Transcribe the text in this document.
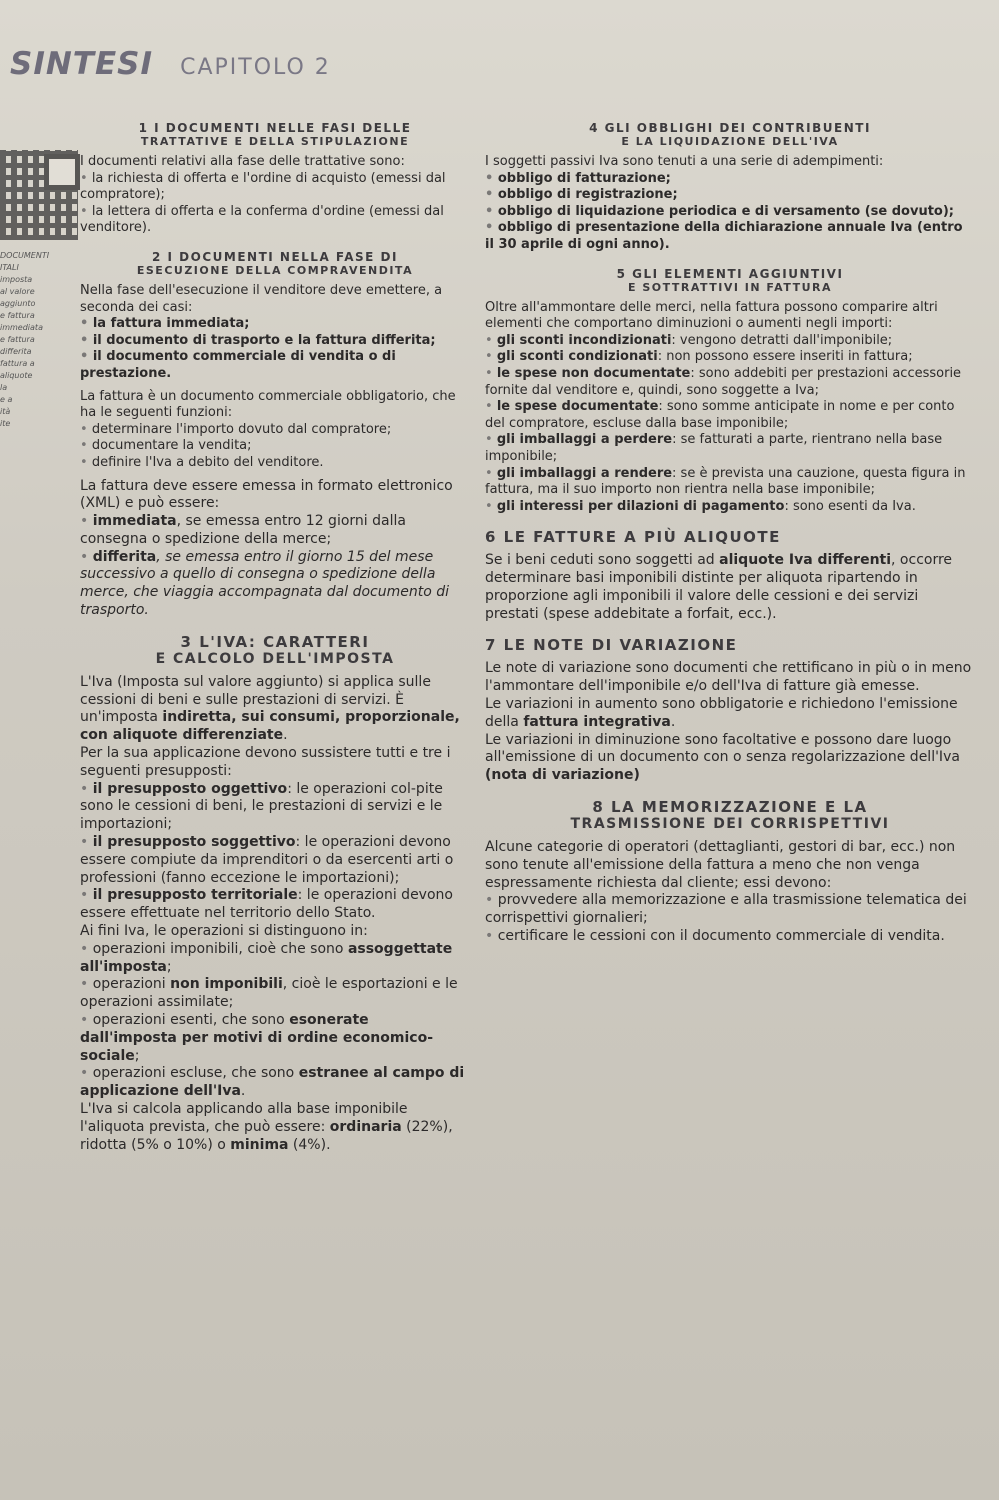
SINTESI CAPITOLO 2
DOCUMENTI
ITALI
imposta
al valore
aggiunto
e fattura
immediata
e fattura
differita
fattura a
aliquote
la
e a
ità
ite
1 I DOCUMENTI NELLE FASI DELLE
TRATTATIVE E DELLA STIPULAZIONE

I documenti relativi alla fase delle trattative sono:

• la richiesta di offerta e l'ordine di acquisto (emessi dal compratore);

• la lettera di offerta e la conferma d'ordine (emessi dal venditore).

2 I DOCUMENTI NELLA FASE DI
ESECUZIONE DELLA COMPRAVENDITA

Nella fase dell'esecuzione il venditore deve emettere, a seconda dei casi:

• la fattura immediata;

• il documento di trasporto e la fattura differita;

• il documento commerciale di vendita o di prestazione.

La fattura è un documento commerciale obbligatorio, che ha le seguenti funzioni:

• determinare l'importo dovuto dal compratore;

• documentare la vendita;

• definire l'Iva a debito del venditore.

La fattura deve essere emessa in formato elettronico (XML) e può essere:

• immediata, se emessa entro 12 giorni dalla consegna o spedizione della merce;

• differita, se emessa entro il giorno 15 del mese successivo a quello di consegna o spedizione della merce, che viaggia accompagnata dal documento di trasporto.

3 L'IVA: CARATTERI
E CALCOLO DELL'IMPOSTA

L'Iva (Imposta sul valore aggiunto) si applica sulle cessioni di beni e sulle prestazioni di servizi. È un'imposta indiretta, sui consumi, proporzionale, con aliquote differenziate.

Per la sua applicazione devono sussistere tutti e tre i seguenti presupposti:

• il presupposto oggettivo: le operazioni col-pite sono le cessioni di beni, le prestazioni di servizi e le importazioni;

• il presupposto soggettivo: le operazioni devono essere compiute da imprenditori o da esercenti arti o professioni (fanno eccezione le importazioni);

• il presupposto territoriale: le operazioni devono essere effettuate nel territorio dello Stato.

Ai fini Iva, le operazioni si distinguono in:

• operazioni imponibili, cioè che sono assoggettate all'imposta;

• operazioni non imponibili, cioè le esportazioni e le operazioni assimilate;

• operazioni esenti, che sono esonerate dall'imposta per motivi di ordine economico-sociale;

• operazioni escluse, che sono estranee al campo di applicazione dell'Iva.

L'Iva si calcola applicando alla base imponibile l'aliquota prevista, che può essere: ordinaria (22%), ridotta (5% o 10%) o minima (4%).

4 GLI OBBLIGHI DEI CONTRIBUENTI
E LA LIQUIDAZIONE DELL'IVA

I soggetti passivi Iva sono tenuti a una serie di adempimenti:

• obbligo di fatturazione;

• obbligo di registrazione;

• obbligo di liquidazione periodica e di versamento (se dovuto);

• obbligo di presentazione della dichiarazione annuale Iva (entro il 30 aprile di ogni anno).

5 GLI ELEMENTI AGGIUNTIVI
E SOTTRATTIVI IN FATTURA

Oltre all'ammontare delle merci, nella fattura possono comparire altri elementi che comportano diminuzioni o aumenti negli importi:

• gli sconti incondizionati: vengono detratti dall'imponibile;

• gli sconti condizionati: non possono essere inseriti in fattura;

• le spese non documentate: sono addebiti per prestazioni accessorie fornite dal venditore e, quindi, sono soggette a Iva;

• le spese documentate: sono somme anticipate in nome e per conto del compratore, escluse dalla base imponibile;

• gli imballaggi a perdere: se fatturati a parte, rientrano nella base imponibile;

• gli imballaggi a rendere: se è prevista una cauzione, questa figura in fattura, ma il suo importo non rientra nella base imponibile;

• gli interessi per dilazioni di pagamento: sono esenti da Iva.

6 LE FATTURE A PIÙ ALIQUOTE

Se i beni ceduti sono soggetti ad aliquote Iva differenti, occorre determinare basi imponibili distinte per aliquota ripartendo in proporzione agli imponibili il valore delle cessioni e dei servizi prestati (spese addebitate a forfait, ecc.).

7 LE NOTE DI VARIAZIONE

Le note di variazione sono documenti che rettificano in più o in meno l'ammontare dell'imponibile e/o dell'Iva di fatture già emesse.

Le variazioni in aumento sono obbligatorie e richiedono l'emissione della fattura integrativa.

Le variazioni in diminuzione sono facoltative e possono dare luogo all'emissione di un documento con o senza regolarizzazione dell'Iva

(nota di variazione)

8 LA MEMORIZZAZIONE E LA
TRASMISSIONE DEI CORRISPETTIVI

Alcune categorie di operatori (dettaglianti, gestori di bar, ecc.) non sono tenute all'emissione della fattura a meno che non venga espressamente richiesta dal cliente; essi devono:

• provvedere alla memorizzazione e alla trasmissione telematica dei corrispettivi giornalieri;

• certificare le cessioni con il documento commerciale di vendita.
